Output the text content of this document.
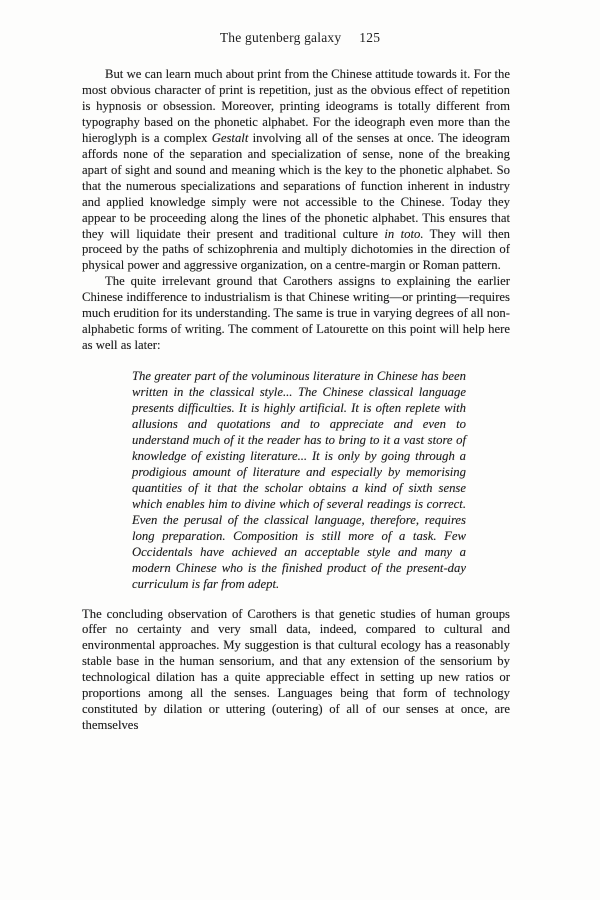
The gutenberg galaxy 125

But we can learn much about print from the Chinese attitude towards it. For the most obvious character of print is repetition, just as the obvious effect of repetition is hypnosis or obsession. Moreover, printing ideograms is totally different from typography based on the phonetic alphabet. For the ideograph even more than the hieroglyph is a complex Gestalt involving all of the senses at once. The ideogram affords none of the separation and specialization of sense, none of the breaking apart of sight and sound and meaning which is the key to the phonetic alphabet. So that the numerous specializations and separations of function inherent in industry and applied knowledge simply were not accessible to the Chinese. Today they appear to be proceeding along the lines of the phonetic alphabet. This ensures that they will liquidate their present and traditional culture in toto. They will then proceed by the paths of schizophrenia and multiply dichotomies in the direction of physical power and aggressive organization, on a centre-margin or Roman pattern.

The quite irrelevant ground that Carothers assigns to explaining the earlier Chinese indifference to industrialism is that Chinese writing—or printing—requires much erudition for its understanding. The same is true in varying degrees of all non-alphabetic forms of writing. The comment of Latourette on this point will help here as well as later:

The greater part of the voluminous literature in Chinese has been written in the classical style... The Chinese classical language presents difficulties. It is highly artificial. It is often replete with allusions and quotations and to appreciate and even to understand much of it the reader has to bring to it a vast store of knowledge of existing literature... It is only by going through a prodigious amount of literature and especially by memorising quantities of it that the scholar obtains a kind of sixth sense which enables him to divine which of several readings is correct. Even the perusal of the classical language, therefore, requires long preparation. Composition is still more of a task. Few Occidentals have achieved an acceptable style and many a modern Chinese who is the finished product of the present-day curriculum is far from adept.

The concluding observation of Carothers is that genetic studies of human groups offer no certainty and very small data, indeed, compared to cultural and environmental approaches. My suggestion is that cultural ecology has a reasonably stable base in the human sensorium, and that any extension of the sensorium by technological dilation has a quite appreciable effect in setting up new ratios or proportions among all the senses. Languages being that form of technology constituted by dilation or uttering (outering) of all of our senses at once, are themselves
